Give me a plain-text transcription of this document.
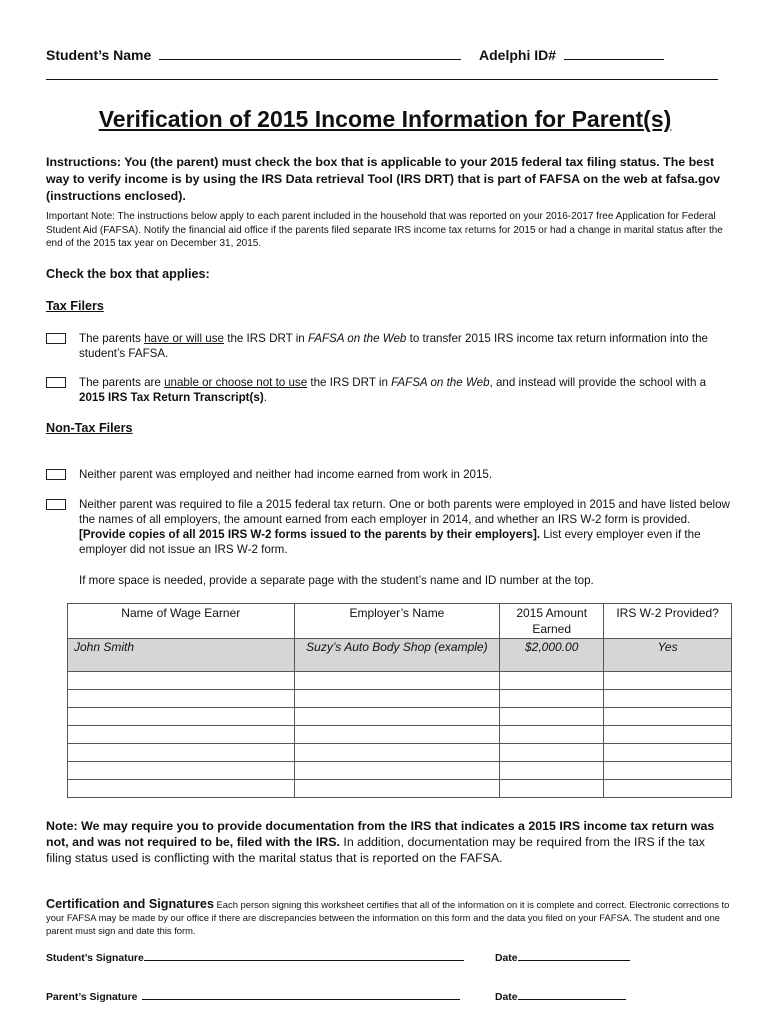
Student’s Name	Adelphi ID#
Verification of 2015 Income Information for Parent(s)
Instructions: You (the parent) must check the box that is applicable to your 2015 federal tax filing status. The best way to verify income is by using the IRS Data retrieval Tool (IRS DRT) that is part of FAFSA on the web at fafsa.gov (instructions enclosed).
Important Note: The instructions below apply to each parent included in the household that was reported on your 2016-2017 free Application for Federal Student Aid (FAFSA). Notify the financial aid office if the parents filed separate IRS income tax returns for 2015 or had a change in marital status after the end of the 2015 tax year on December 31, 2015.
Check the box that applies:
Tax Filers
The parents have or will use the IRS DRT in FAFSA on the Web to transfer 2015 IRS income tax return information into the student’s FAFSA.
The parents are unable or choose not to use the IRS DRT in FAFSA on the Web, and instead will provide the school with a 2015 IRS Tax Return Transcript(s).
Non-Tax Filers
Neither parent was employed and neither had income earned from work in 2015.
Neither parent was required to file a 2015 federal tax return. One or both parents were employed in 2015 and have listed below the names of all employers, the amount earned from each employer in 2014, and whether an IRS W-2 form is provided. [Provide copies of all 2015 IRS W-2 forms issued to the parents by their employers]. List every employer even if the employer did not issue an IRS W-2 form.
If more space is needed, provide a separate page with the student’s name and ID number at the top.
Name of Wage Earner	Employer’s Name	2015 Amount Earned	IRS W-2 Provided?
John Smith	Suzy’s Auto Body Shop (example)	$2,000.00	Yes

Note: We may require you to provide documentation from the IRS that indicates a 2015 IRS income tax return was not, and was not required to be, filed with the IRS. In addition, documentation may be required from the IRS if the tax filing status used is conflicting with the marital status that is reported on the FAFSA.
Certification and Signatures Each person signing this worksheet certifies that all of the information on it is complete and correct. Electronic corrections to your FAFSA may be made by our office if there are discrepancies between the information on this form and the data you filed on your FAFSA. The student and one parent must sign and date this form.
Student’s Signature	Date
Parent’s Signature	Date
